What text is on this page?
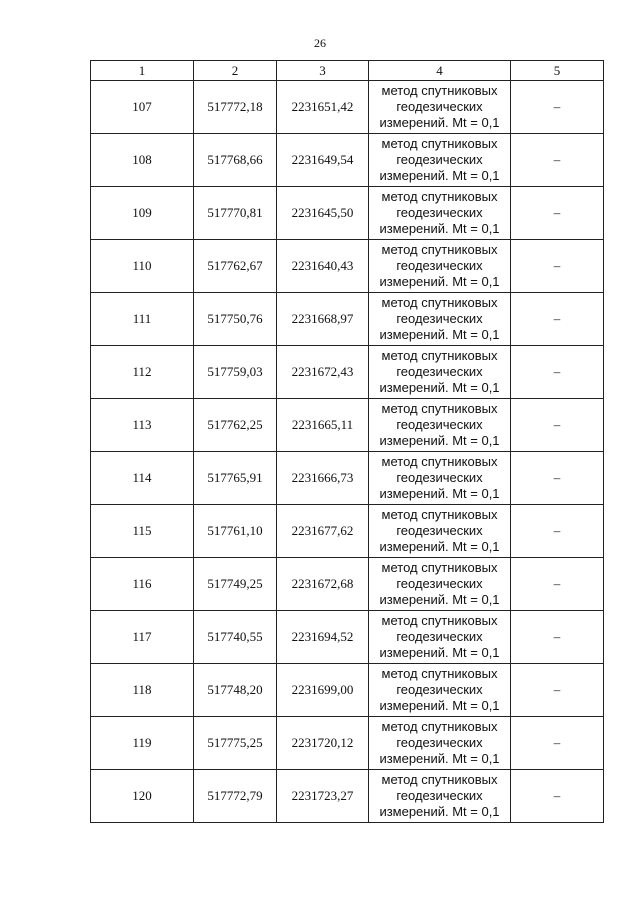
26
1	2	3	4	5
107	517772,18	2231651,42	метод спутниковых
геодезических
измерений. Mt = 0,1	–
108	517768,66	2231649,54	метод спутниковых
геодезических
измерений. Mt = 0,1	–
109	517770,81	2231645,50	метод спутниковых
геодезических
измерений. Mt = 0,1	–
110	517762,67	2231640,43	метод спутниковых
геодезических
измерений. Mt = 0,1	–
111	517750,76	2231668,97	метод спутниковых
геодезических
измерений. Mt = 0,1	–
112	517759,03	2231672,43	метод спутниковых
геодезических
измерений. Mt = 0,1	–
113	517762,25	2231665,11	метод спутниковых
геодезических
измерений. Mt = 0,1	–
114	517765,91	2231666,73	метод спутниковых
геодезических
измерений. Mt = 0,1	–
115	517761,10	2231677,62	метод спутниковых
геодезических
измерений. Mt = 0,1	–
116	517749,25	2231672,68	метод спутниковых
геодезических
измерений. Mt = 0,1	–
117	517740,55	2231694,52	метод спутниковых
геодезических
измерений. Mt = 0,1	–
118	517748,20	2231699,00	метод спутниковых
геодезических
измерений. Mt = 0,1	–
119	517775,25	2231720,12	метод спутниковых
геодезических
измерений. Mt = 0,1	–
120	517772,79	2231723,27	метод спутниковых
геодезических
измерений. Mt = 0,1	–
